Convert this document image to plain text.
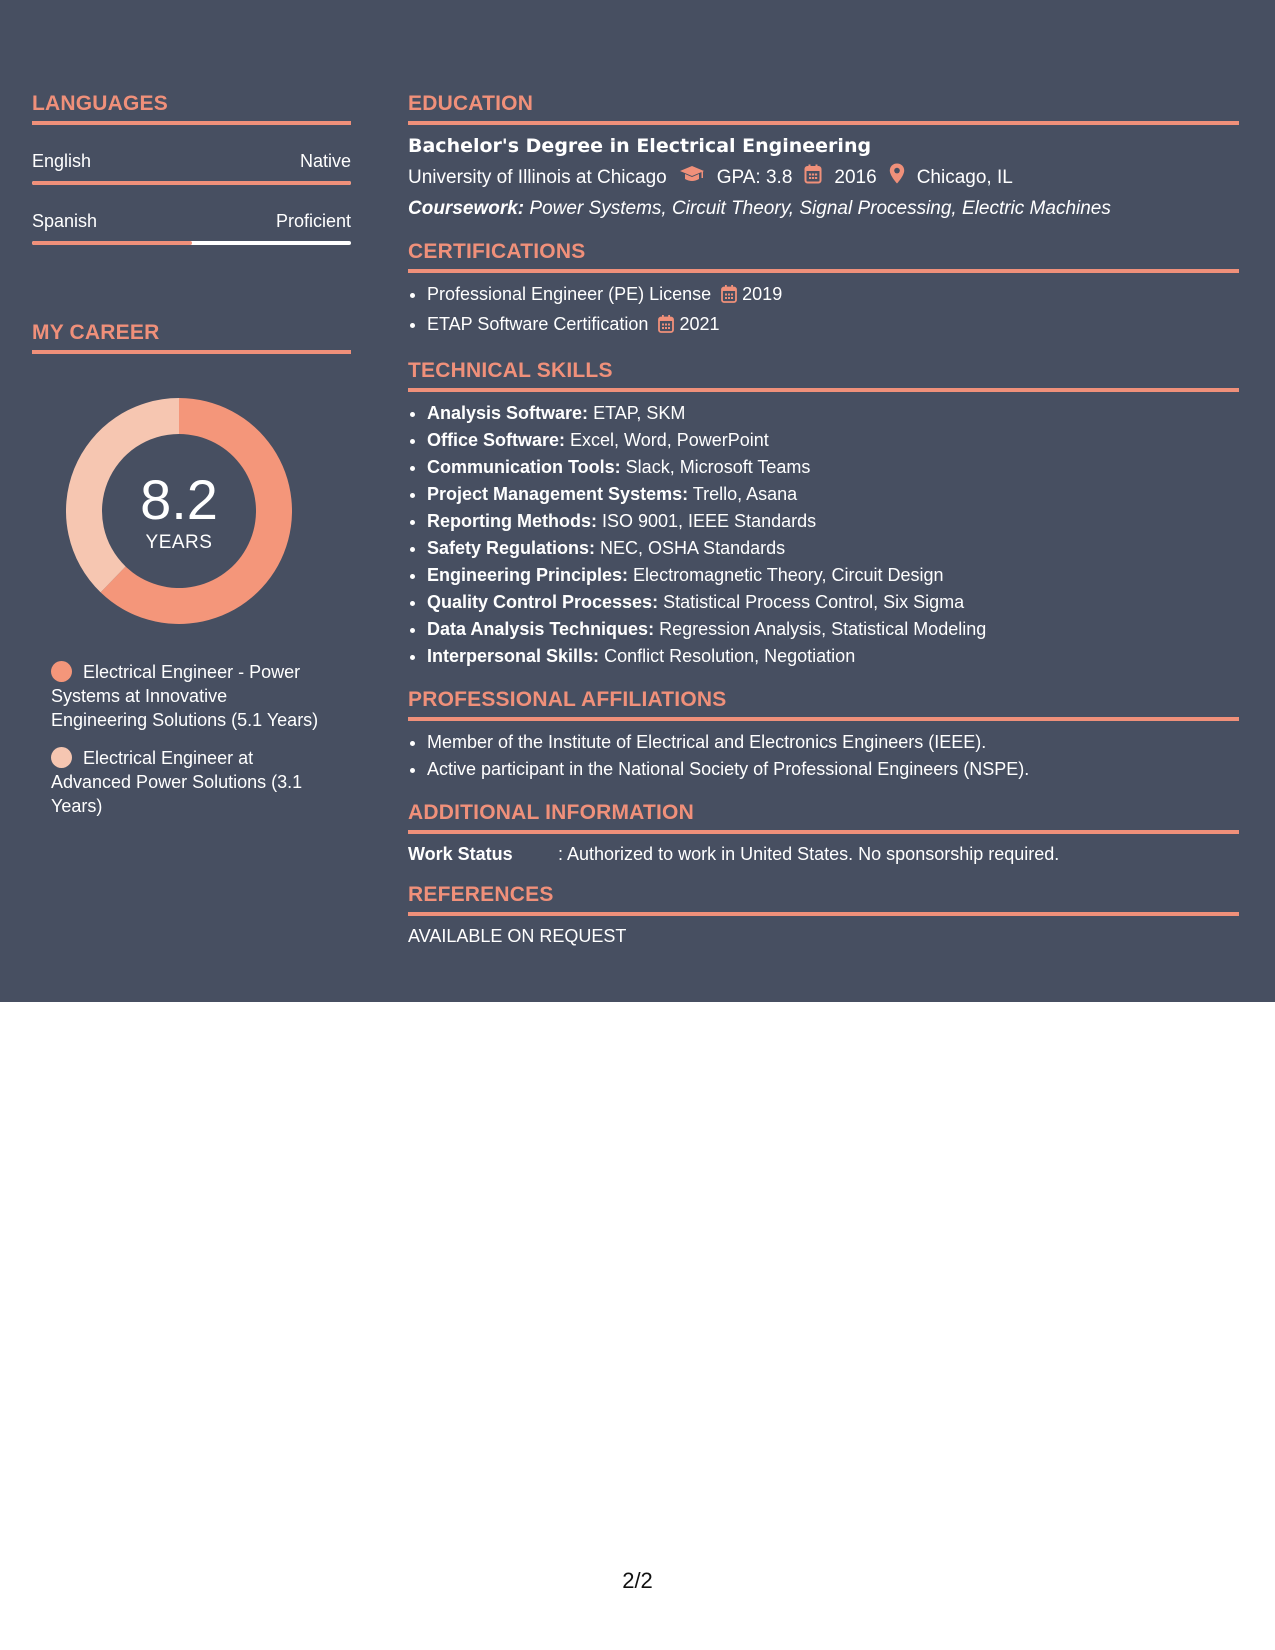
LANGUAGES
English	Native
Spanish	Proficient
MY CAREER
8.2
YEARS
Electrical Engineer - Power Systems at Innovative Engineering Solutions (5.1 Years)
Electrical Engineer at Advanced Power Solutions (3.1 Years)
EDUCATION
Bachelor's Degree in Electrical Engineering
University of Illinois at Chicago	GPA: 3.8 2016 Chicago, IL
Coursework: Power Systems, Circuit Theory, Signal Processing, Electric Machines
CERTIFICATIONS
• Professional Engineer (PE) License 2019
• ETAP Software Certification 2021
TECHNICAL SKILLS
• Analysis Software: ETAP, SKM
• Office Software: Excel, Word, PowerPoint
• Communication Tools: Slack, Microsoft Teams
• Project Management Systems: Trello, Asana
• Reporting Methods: ISO 9001, IEEE Standards
• Safety Regulations: NEC, OSHA Standards
• Engineering Principles: Electromagnetic Theory, Circuit Design
• Quality Control Processes: Statistical Process Control, Six Sigma
• Data Analysis Techniques: Regression Analysis, Statistical Modeling
• Interpersonal Skills: Conflict Resolution, Negotiation
PROFESSIONAL AFFILIATIONS
• Member of the Institute of Electrical and Electronics Engineers (IEEE).
• Active participant in the National Society of Professional Engineers (NSPE).
ADDITIONAL INFORMATION
Work Status	: Authorized to work in United States. No sponsorship required.
REFERENCES
AVAILABLE ON REQUEST
2/2
